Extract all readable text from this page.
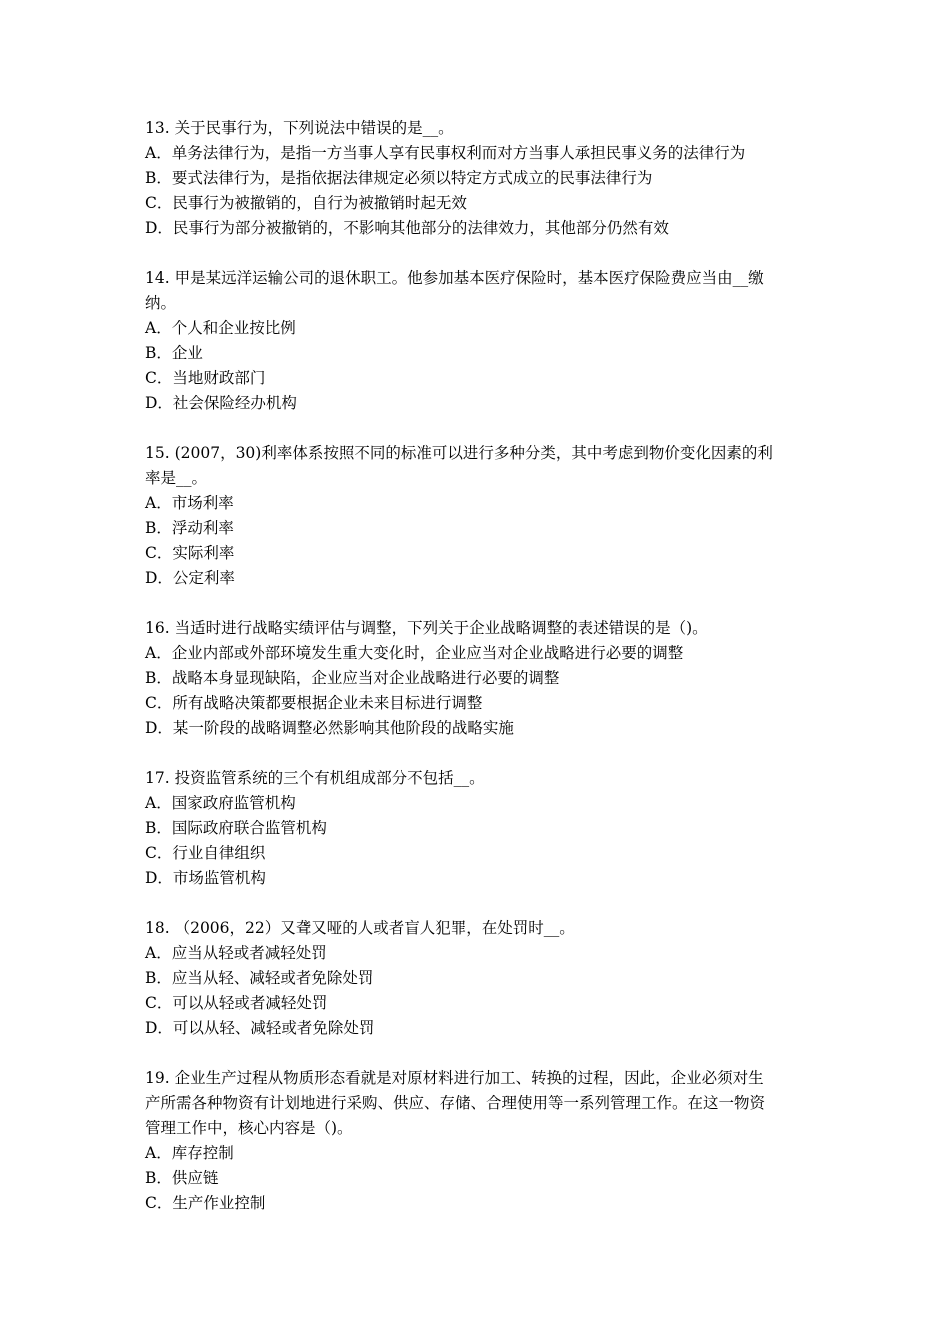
13. 关于民事行为，下列说法中错误的是__。
A．单务法律行为，是指一方当事人享有民事权利而对方当事人承担民事义务的法律行为
B．要式法律行为，是指依据法律规定必须以特定方式成立的民事法律行为
C．民事行为被撤销的，自行为被撤销时起无效
D．民事行为部分被撤销的，不影响其他部分的法律效力，其他部分仍然有效
14. 甲是某远洋运输公司的退休职工。他参加基本医疗保险时，基本医疗保险费应当由__缴
纳。
A．个人和企业按比例
B．企业
C．当地财政部门
D．社会保险经办机构
15. (2007，30)利率体系按照不同的标准可以进行多种分类，其中考虑到物价变化因素的利
率是__。
A．市场利率
B．浮动利率
C．实际利率
D．公定利率
16. 当适时进行战略实绩评估与调整，下列关于企业战略调整的表述错误的是（)。
A．企业内部或外部环境发生重大变化时，企业应当对企业战略进行必要的调整
B．战略本身显现缺陷，企业应当对企业战略进行必要的调整
C．所有战略决策都要根据企业未来目标进行调整
D．某一阶段的战略调整必然影响其他阶段的战略实施
17. 投资监管系统的三个有机组成部分不包括__。
A．国家政府监管机构
B．国际政府联合监管机构
C．行业自律组织
D．市场监管机构
18. （2006，22）又聋又哑的人或者盲人犯罪，在处罚时__。
A．应当从轻或者减轻处罚
B．应当从轻、减轻或者免除处罚
C．可以从轻或者减轻处罚
D．可以从轻、减轻或者免除处罚
19. 企业生产过程从物质形态看就是对原材料进行加工、转换的过程，因此，企业必须对生
产所需各种物资有计划地进行采购、供应、存储、合理使用等一系列管理工作。在这一物资
管理工作中，核心内容是（)。
A．库存控制
B．供应链
C．生产作业控制
